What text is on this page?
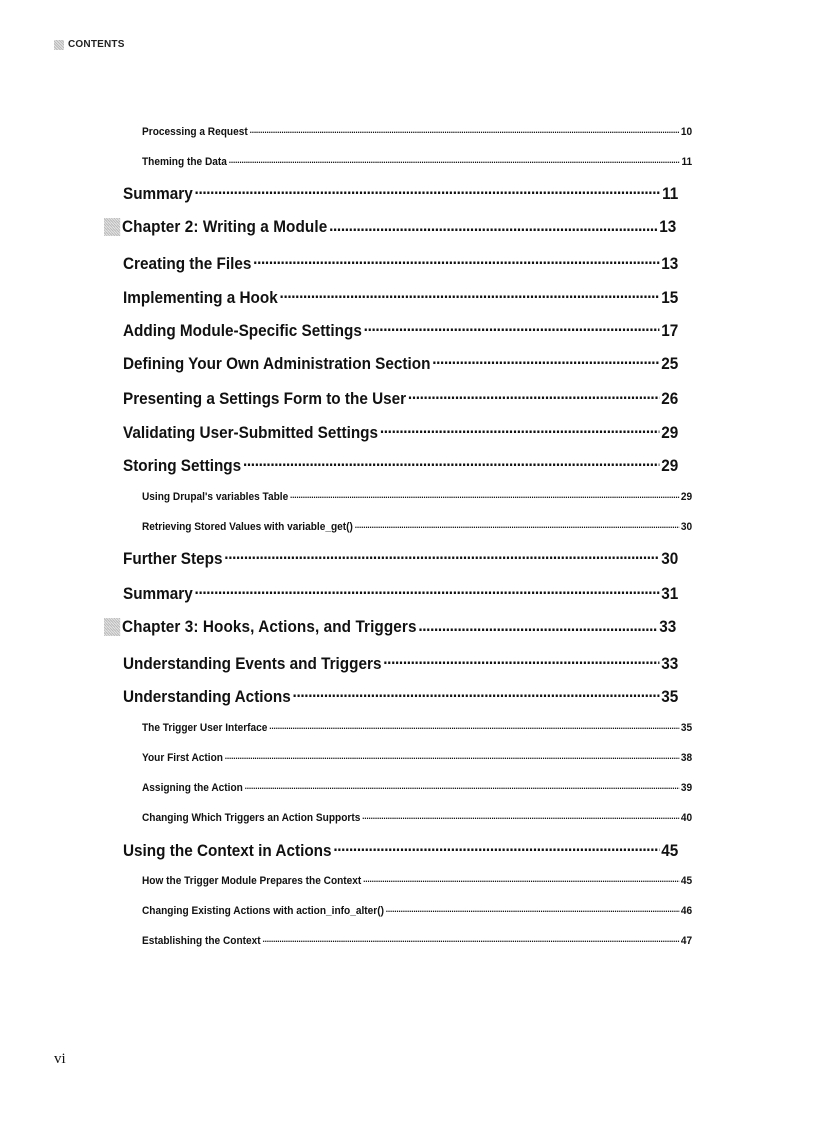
CONTENTS
Processing a Request . . .	10
Theming the Data . . .	11
Summary . . .	11
Chapter 2: Writing a Module . . .	13
Creating the Files . . .	13
Implementing a Hook . . .	15
Adding Module-Specific Settings . . .	17
Defining Your Own Administration Section . . .	25
Presenting a Settings Form to the User . . .	26
Validating User-Submitted Settings . . .	29
Storing Settings . . .	29
Using Drupal's variables Table . . .	29
Retrieving Stored Values with variable_get() . . .	30
Further Steps . . .	30
Summary . . .	31
Chapter 3: Hooks, Actions, and Triggers . . .	33
Understanding Events and Triggers . . .	33
Understanding Actions . . .	35
The Trigger User Interface . . .	35
Your First Action . . .	38
Assigning the Action . . .	39
Changing Which Triggers an Action Supports . . .	40
Using the Context in Actions . . .	45
How the Trigger Module Prepares the Context . . .	45
Changing Existing Actions with action_info_alter() . . .	46
Establishing the Context . . .	47
vi
